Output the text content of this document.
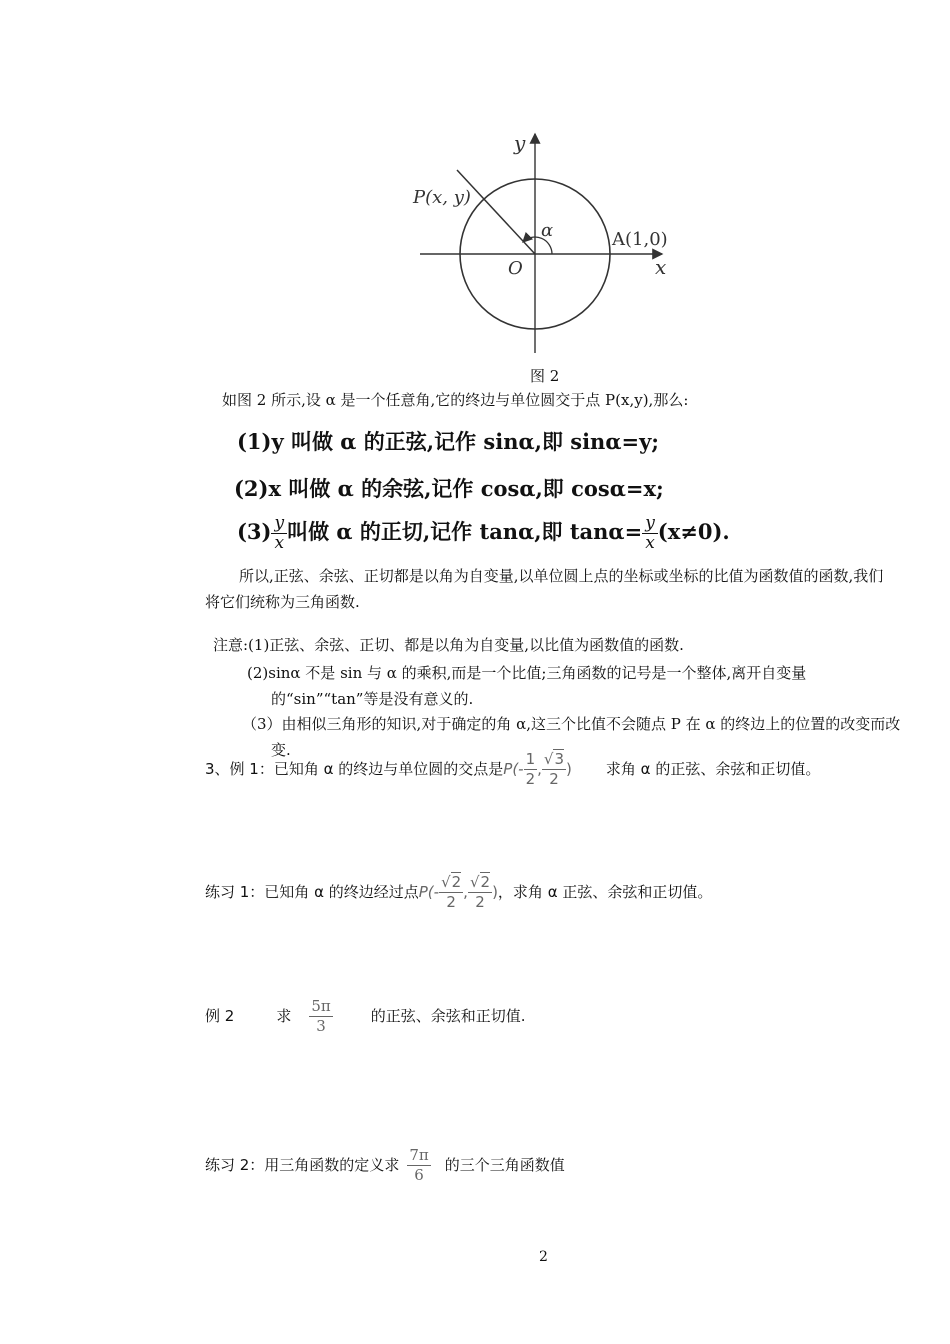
y
x
P(x, y)
α	A(1,0)
O
图 2
如图 2 所示,设 α 是一个任意角,它的终边与单位圆交于点 P(x,y),那么:
(1)y 叫做 α 的正弦,记作 sinα,即 sinα=y;
(2)x 叫做 α 的余弦,记作 cosα,即 cosα=x;
$(3) \frac{y}{x}$ 叫做 α 的正切,记作 tanα,即 $\tan\alpha= \frac{y}{x} (x\ne 0)$.
所以,正弦、余弦、正切都是以角为自变量,以单位圆上点的坐标或坐标的比值为函数值的函数,我们将它们统称为三角函数.
注意:(1)正弦、余弦、正切、都是以角为自变量,以比值为函数值的函数.
(2)sinα 不是 sin 与 α 的乘积,而是一个比值;三角函数的记号是一个整体,离开自变量的“sin”“tan”等是没有意义的.
（3）由相似三角形的知识,对于确定的角 α,这三个比值不会随点 P 在 α 的终边上的位置的改变而改变.
3、例 1：已知角 α 的终边与单位圆的交点是$P(- \frac{1}{2}$ , $\frac{√3}{2}$ ) 求角 α 的正弦、余弦和正切值。
练习 1：已知角 α 的终边经过点$P(- \frac{√2}{2}$ , $\frac{√2}{2}$ )，求角 α 正弦、余弦和正切值。
例 2	求 $\frac{5\pi}{3}$	的正弦、余弦和正切值.
练习 2：用三角函数的定义求 $\frac{7\pi}{6}$ 的三个三角函数值
2
